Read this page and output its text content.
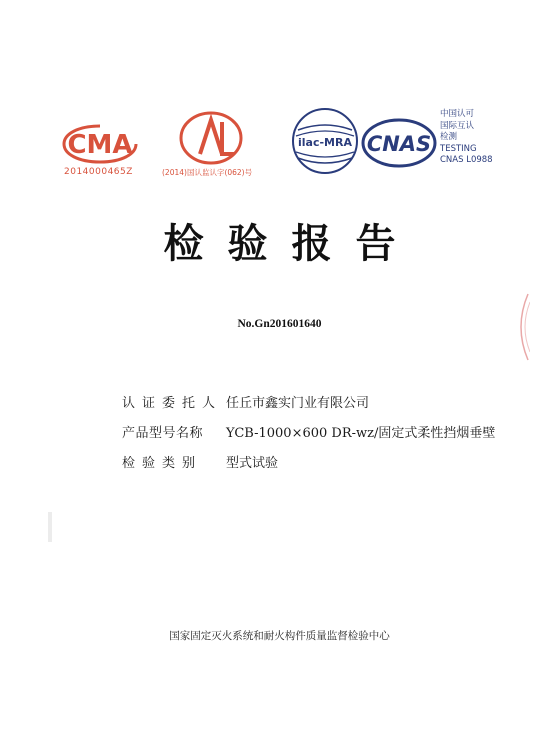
CMA
2014000465Z
CAL
(2014)国认监认字(062)号
ilac-MRA CNAS
中国认可
国际互认
检测
TESTING
CNAS L0988
检验报告
No.Gn201601640
认证委托人 任丘市鑫实门业有限公司
产品型号名称	YCB-1000×600 DR-wz/固定式柔性挡烟垂壁
检验类别	型式试验
国家固定灭火系统和耐火构件质量监督检验中心
